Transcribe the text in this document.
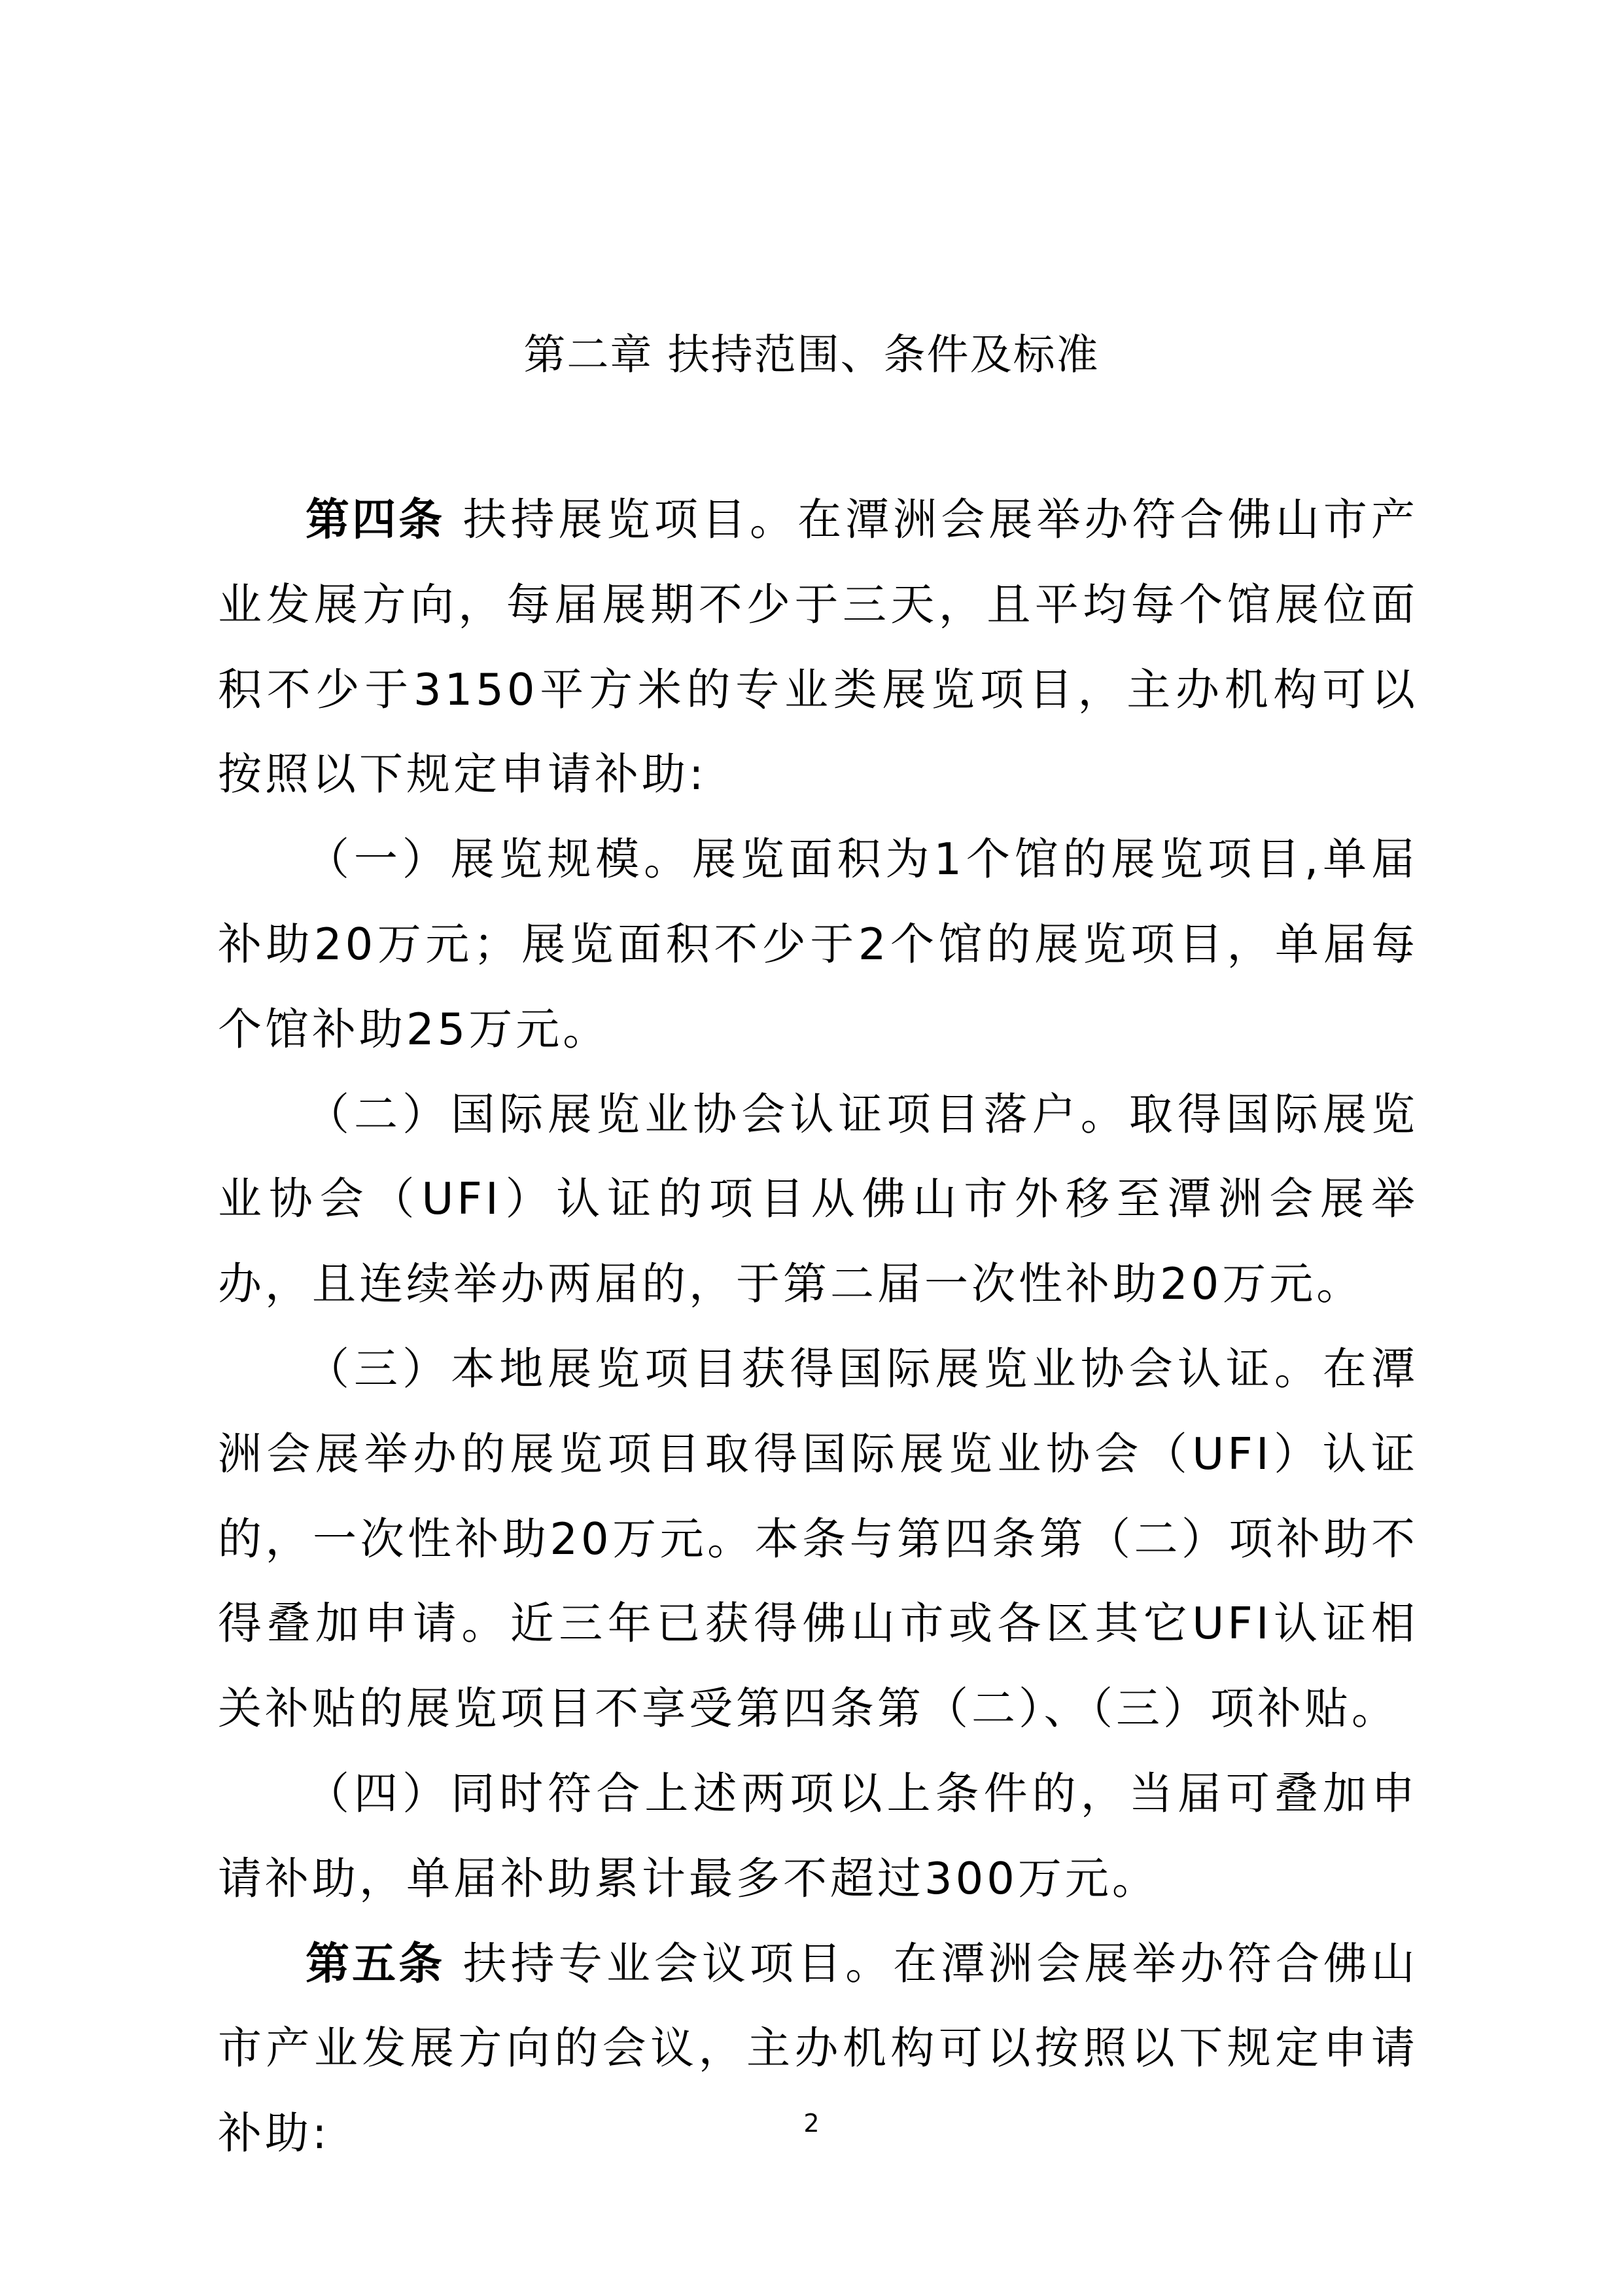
第二章 扶持范围、条件及标准

第四条 扶持展览项目。在潭洲会展举办符合佛山市产业发展方向，每届展期不少于三天，且平均每个馆展位面积不少于3150平方米的专业类展览项目，主办机构可以按照以下规定申请补助:

（一）展览规模。展览面积为1个馆的展览项目,单届补助20万元；展览面积不少于2个馆的展览项目，单届每个馆补助25万元。

（二）国际展览业协会认证项目落户。取得国际展览业协会（UFI）认证的项目从佛山市外移至潭洲会展举办，且连续举办两届的，于第二届一次性补助20万元。

（三）本地展览项目获得国际展览业协会认证。在潭洲会展举办的展览项目取得国际展览业协会（UFI）认证的，一次性补助20万元。本条与第四条第（二）项补助不得叠加申请。近三年已获得佛山市或各区其它UFI认证相关补贴的展览项目不享受第四条第（二）、（三）项补贴。

（四）同时符合上述两项以上条件的，当届可叠加申请补助，单届补助累计最多不超过300万元。

第五条 扶持专业会议项目。在潭洲会展举办符合佛山市产业发展方向的会议，主办机构可以按照以下规定申请补助:	2
